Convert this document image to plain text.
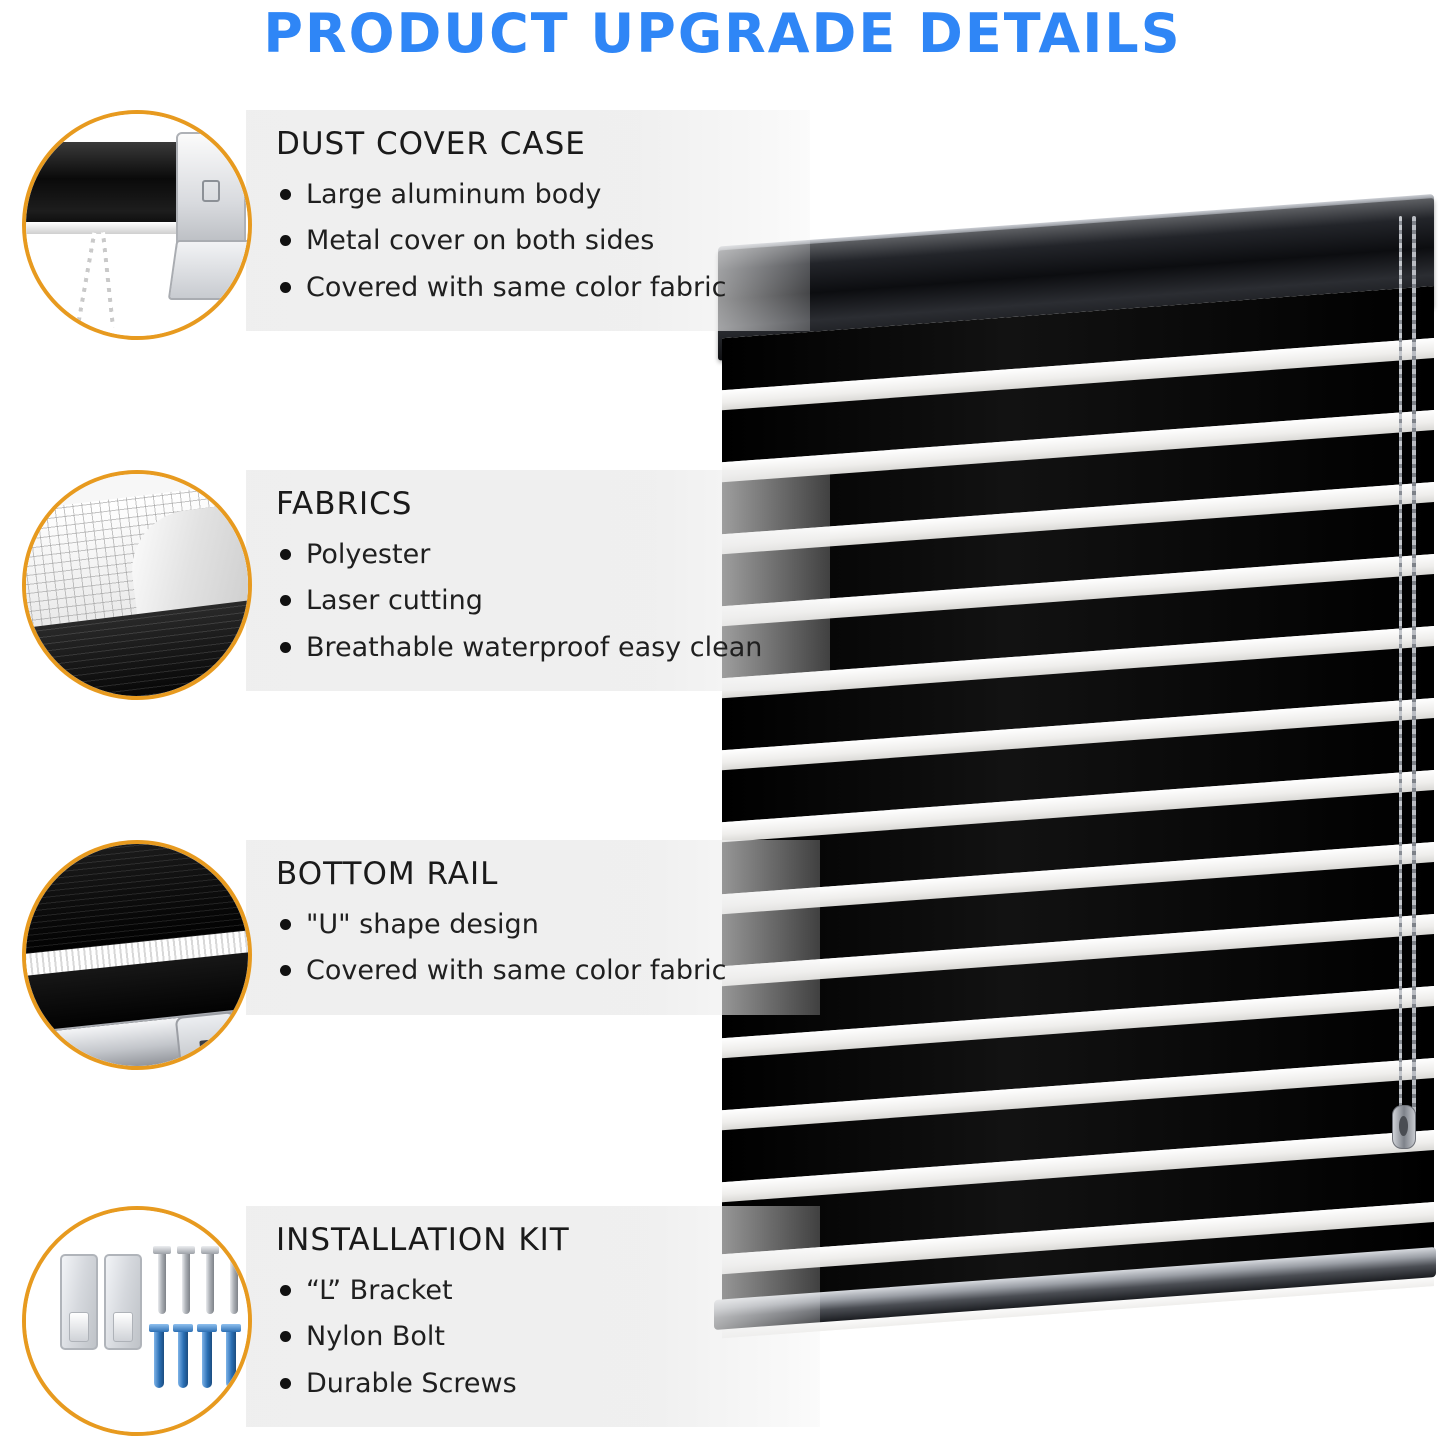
PRODUCT UPGRADE DETAILS
DUST COVER CASE
Large aluminum body
Metal cover on both sides
Covered with same color fabric
FABRICS
Polyester
Laser cutting
Breathable waterproof easy clean
BOTTOM RAIL
"U" shape design
Covered with same color fabric
INSTALLATION KIT
“L” Bracket
Nylon Bolt
Durable Screws
